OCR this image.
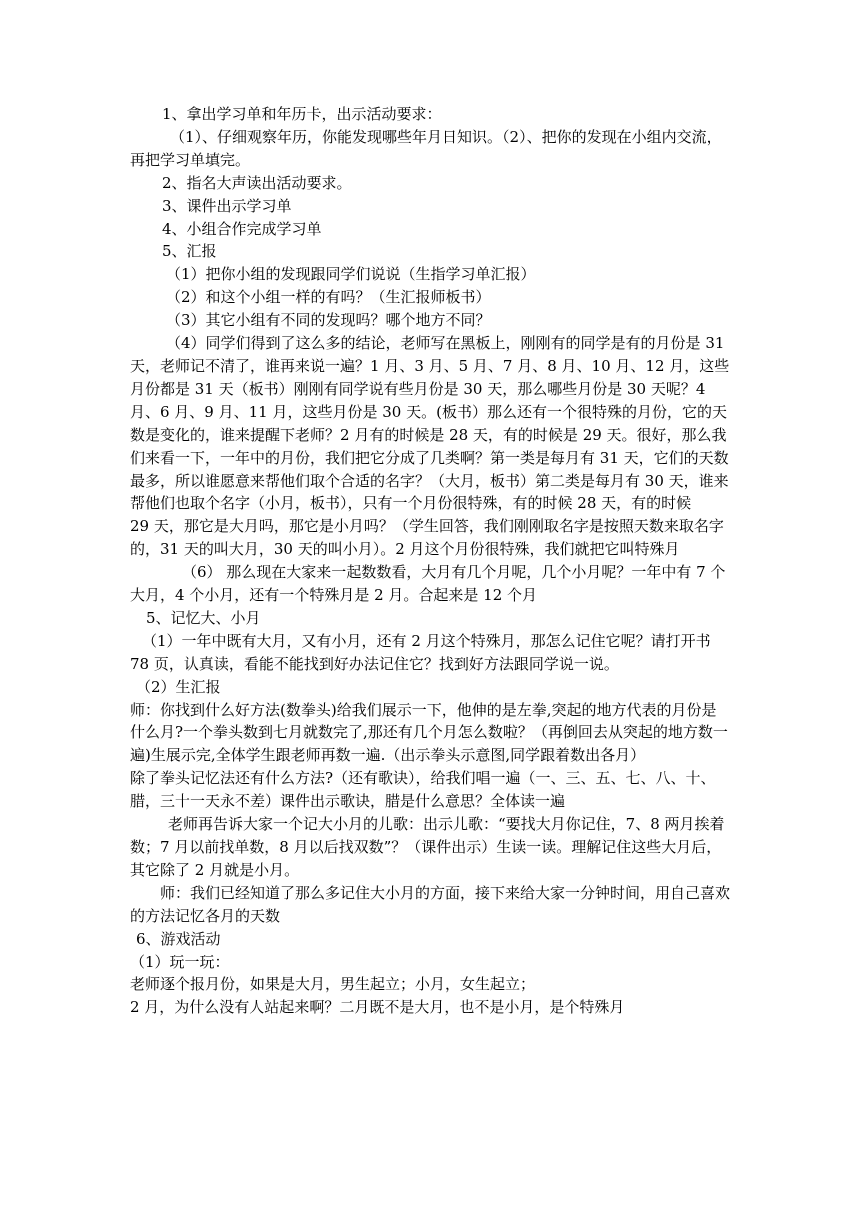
1、拿出学习单和年历卡，出示活动要求：

（1）、仔细观察年历，你能发现哪些年月日知识。（2）、把你的发现在小组内交流，再把学习单填完。

2、指名大声读出活动要求。

3、课件出示学习单

4、小组合作完成学习单

5、汇报

（1）把你小组的发现跟同学们说说（生指学习单汇报）

（2）和这个小组一样的有吗？（生汇报师板书）

（3）其它小组有不同的发现吗？哪个地方不同？

（4）同学们得到了这么多的结论，老师写在黑板上，刚刚有的同学是有的月份是 31 天，老师记不清了，谁再来说一遍？1 月、3 月、5 月、7 月、8 月、10 月、12 月，这些月份都是 31 天（板书）刚刚有同学说有些月份是 30 天，那么哪些月份是 30 天呢？4 月、6 月、9 月、11 月，这些月份是 30 天。(板书）那么还有一个很特殊的月份，它的天数是变化的，谁来提醒下老师？2 月有的时候是 28 天，有的时候是 29 天。很好，那么我们来看一下，一年中的月份，我们把它分成了几类啊？第一类是每月有 31 天，它们的天数最多，所以谁愿意来帮他们取个合适的名字？（大月，板书）第二类是每月有 30 天，谁来帮他们也取个名字（小月，板书），只有一个月份很特殊，有的时候 28 天，有的时候

29 天，那它是大月吗，那它是小月吗？（学生回答，我们刚刚取名字是按照天数来取名字的，31 天的叫大月，30 天的叫小月）。2 月这个月份很特殊，我们就把它叫特殊月

（6） 那么现在大家来一起数数看，大月有几个月呢，几个小月呢？一年中有 7 个大月，4 个小月，还有一个特殊月是 2 月。合起来是 12 个月

5、记忆大、小月

（1）一年中既有大月，又有小月，还有 2 月这个特殊月，那怎么记住它呢？请打开书 78 页，认真读，看能不能找到好办法记住它？找到好方法跟同学说一说。

（2）生汇报

师：你找到什么好方法(数拳头)给我们展示一下，他伸的是左拳,突起的地方代表的月份是什么月?一个拳头数到七月就数完了,那还有几个月怎么数啦？（再倒回去从突起的地方数一遍)生展示完,全体学生跟老师再数一遍.（出示拳头示意图,同学跟着数出各月）

除了拳头记忆法还有什么方法?（还有歌诀），给我们唱一遍（一、三、五、七、八、十、腊，三十一天永不差）课件出示歌诀，腊是什么意思？全体读一遍

老师再告诉大家一个记大小月的儿歌：出示儿歌：“要找大月你记住，7、8 两月挨着数；7 月以前找单数，8 月以后找双数”？（课件出示）生读一读。理解记住这些大月后，其它除了 2 月就是小月。

师：我们已经知道了那么多记住大小月的方面，接下来给大家一分钟时间，用自己喜欢的方法记忆各月的天数

6、游戏活动

（1）玩一玩：

老师逐个报月份，如果是大月，男生起立；小月，女生起立；

2 月，为什么没有人站起来啊？二月既不是大月，也不是小月，是个特殊月
